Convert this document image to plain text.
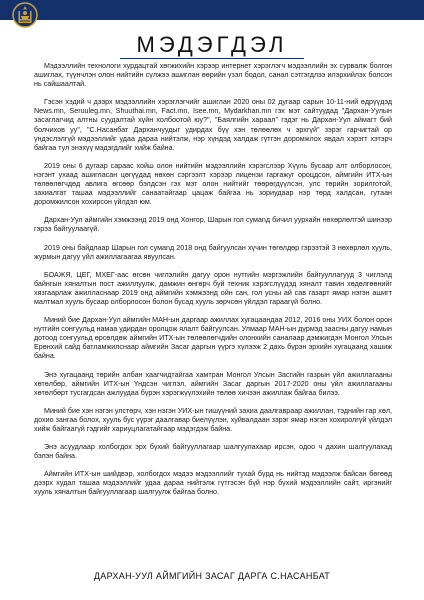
МЭДЭГДЭЛ

Мэдээллийн технологи хурдацтай хөгжихийн хэрээр интернет хэрэглэгч мэдээллийн эх сурвалж болгон ашиглах, түүнчлэн олон нийтийн сүлжээ ашиглан өөрийн үзэл бодол, санал сэтгэгдлээ илэрхийлэх болсон нь сайшаалтай.

Гэсэн хэдий ч дээрх мэдээллийн хэрэглэгчийг ашиглан 2020 оны 02 дугаар сарын 10-11-ний өдрүүдэд News.mn, Seruuleg.mn, Shuuthai.mn, Fact.mn, Isee.mn, Mydarkhan.mn гэх мэт сайтуудад "Дархан-Уулын засаглагчид алтны суудалтай хүйн холбоотой юу?", "Баялгийн хараал" гэдэг нь Дархан-Уул аймагт бий болчихов уу", "С.Насанбат Дарханчуудыг удирдах бүү хэн төлөөлөх ч эрхгүй" зэрэг гарчигтай ор үндэслэлгүй мэдээллийг удаа дараа нийтэлж, нэр хүндэд халдаж гүтгэн доромжлох явдал хэрэгт хэтэрч байгаа тул энэхүү мэдэгдлийг хийж байна.

2019 оны 6 дугаар сараас хойш олон нийтийн мэдээллийн хэрэгслээр Хүүль бусаар алт олборлосон, нэгэнт ухаад ашигласан цөгүүдад нөхөн сэргээлт хэрээр лицензи гаргажуг ороцдсон, аймгийн ИТХ-ын төлөөлөгчдөд авлига өгсөөр бэлдсэн гэх мэт олон нийтийг төөрөгдүүлсэн, улс төрийн зорилготой, захиалгат ташаа мэдээллийг санаатайгаар цацаж байгаа нь зориудаар нэр төрд халдсан, гутаан доромжилсон хохирсон үйлдэл юм.

Дархан-Уул аймгийн хэмжээнд 2019 онд Хонгор, Шарын гол сумаnд бичил уурхайн нөхөрлөлтэй шинээр гэрээ байгуулаагүй.

2019 оны байдлаар Шарын гол сумаnд 2018 онд байгуулсан хүчин төгөлдөр гэрээтэй 3 нөхөрлөл хууль, журмын дагуу үйл ажиллагаагаа явуулсан.

БОАЖЯ, ЦЕГ, МХЕГ-аас өгсөн чиглэлийн дагуу орон нутгийн мэргэжлийн байгууллагууд 3 чиглэлд байнгын хяналтын пост ажиллуулж, дамжин өнгөрч буй техник хэрэгслүүдэд хяналт тавин хөдөлгөөнийг хязгаарлаж ажилласнаар 2019 онд аймгийн хэмжээнд ойн сан, гол усны ай сав газарт ямар нэгэн ашигт малтмал хууль бусаар олборлосон болон бусад хууль зөрчсөн үйлдэл гараагүй болно.

Миний бие Дархан-Уул аймгийн МАН-ын даргаар ажиллах хугацаандаа 2012, 2016 оны УИХ болон орон нутгийн сонгуульд намаа удирдан оролцож ялалт байгуулсан. Улмаар МАН-ын дүрмэд заасны дагуу намын дотоод сонгуульд өрсөлдөж аймгийн ИТХ-ын төлөөлөгчдийн олонхийн саналаар дэмжигдэн Монгол Улсын Ерөнхий сайд батламжилснаар аймгийн Засаг даргын үүргэ хүлээж 2 дахь бүрэн эрхийн хугацаанд хашиж байна.

Энэ хугацаанд төрийн албан хаагчидтайгаа хамтран Монгол Улсын Засгийн газрын үйл ажиллагааны хөтөлбөр, аймгийн ИТХ-ын Үндсэн чиглэл, аймгийн Засаг даргын 2017-2020 оны үйл ажиллагааны хөтөлбөрт тусгагдсан ажлуудаа бүрэн хэрэгжүүлэхийн төлөө хичээн ажиллаж байгаа билээ.

Миний бие хэн нэгэн улстөрч, хэн нэгэн УИХ-ын гишүүний захиа даалгавраар ажиллан, тэднийн гар хөл, дохио зангаа болох, хууль бус үүрэг даалгавар биелүүлэн, хуйвалдаан зэрэг ямар нэгэн хохиролгүй үйлдэл хийж байгаагүй гэдгийг хариуцлагатайгаар мэдэгдэж байна.

Энэ асуудлаар холбогдох эрх бүхий байгууллагаар шалгуулахаар ирсэн, одоо ч дахин шалгуулахад бэлэн байна.

Аймгийн ИТХ-ын шийдвэр, холбогдох мэдээ мэдээллийг тухай бүрд нь нийтэд мэдээлж байсан бөгөөд дээрх худал ташаа мэдээллийг удаа дараа нийтэлж гүтгэсэн бүй нэр бүхий мэдээллийн сайт, иргэнийг хууль хяналтын байгууллагаар шалгуулж байгаа болно.

ДАРХАН-УУЛ АЙМГИЙН ЗАСАГ ДАРГА С.НАСАНБАТ
